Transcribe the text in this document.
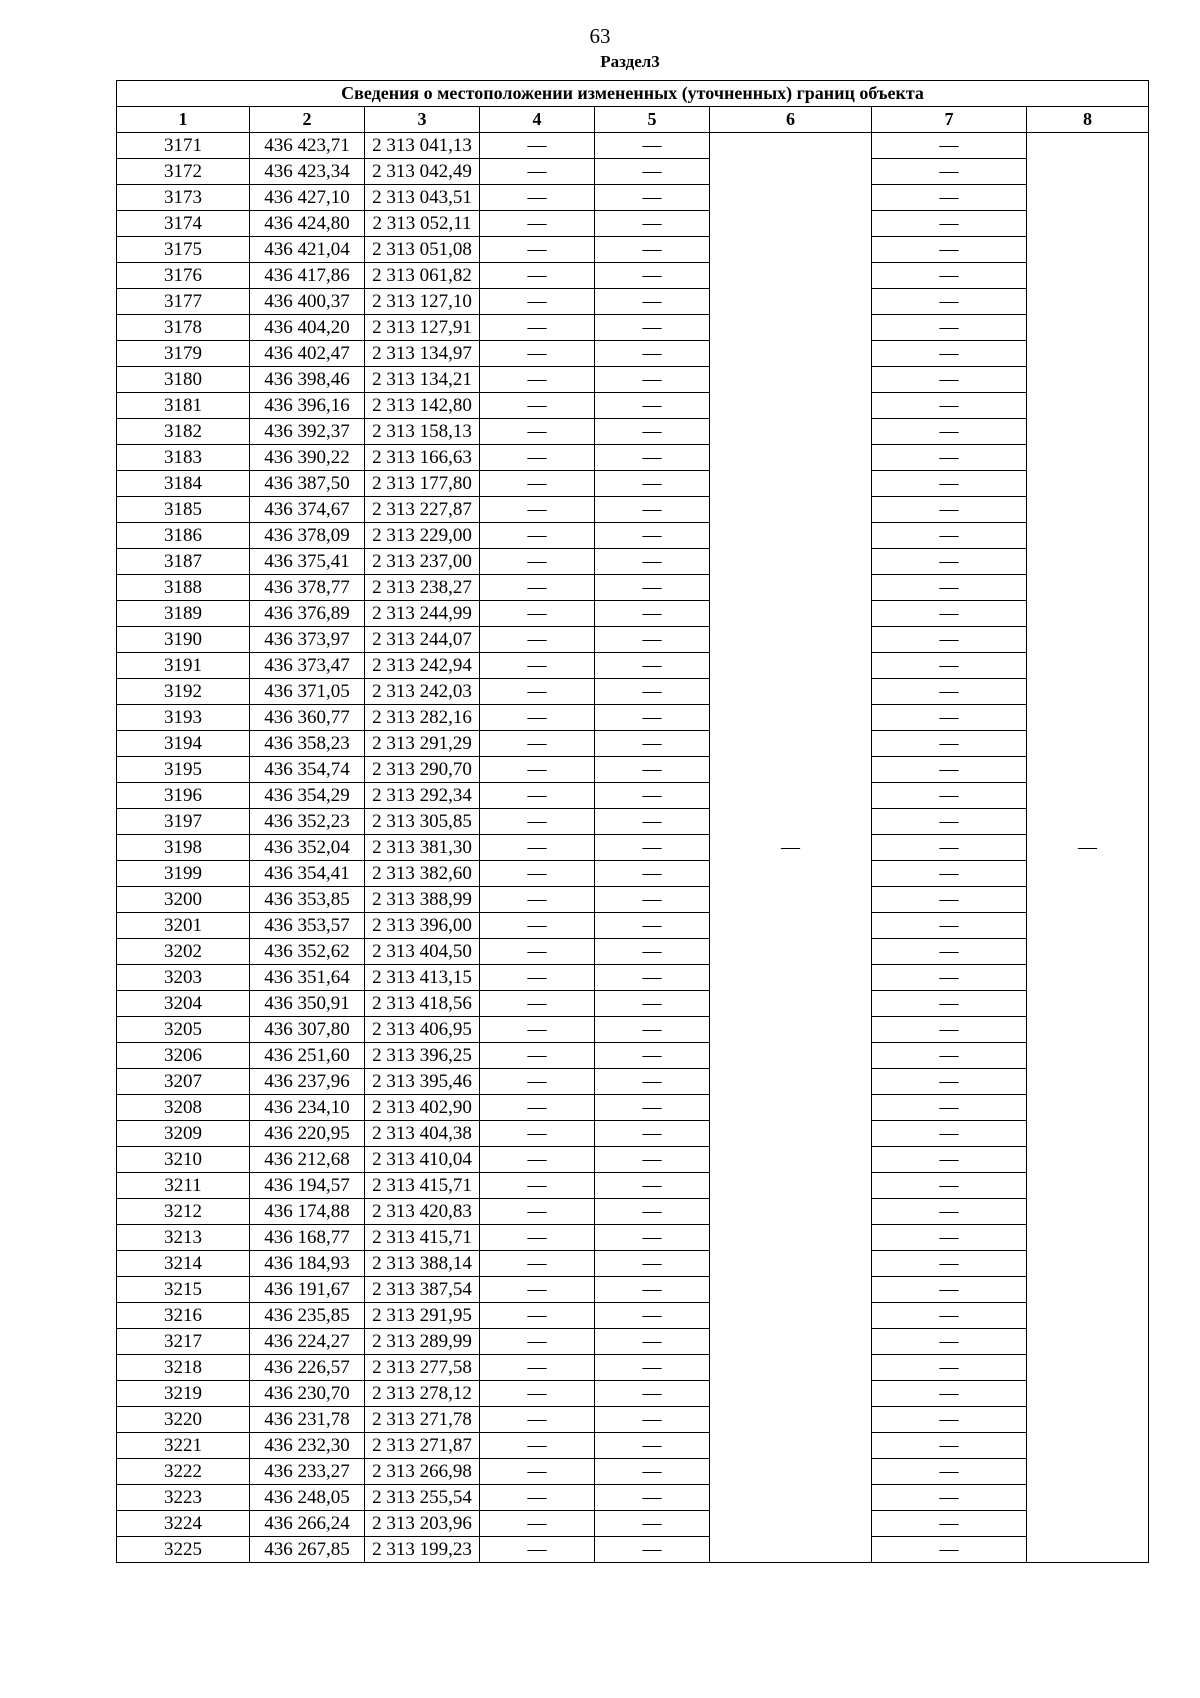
63
Раздел3
Сведения о местоположении измененных (уточненных) границ объекта							
1	2	3	4	5	6	7	8
3171	436 423,71	2 313 041,13	—	—	—	—	—
3172	436 423,34	2 313 042,49	—	—		—	
3173	436 427,10	2 313 043,51	—	—		—	
3174	436 424,80	2 313 052,11	—	—		—	
3175	436 421,04	2 313 051,08	—	—		—	
3176	436 417,86	2 313 061,82	—	—		—	
3177	436 400,37	2 313 127,10	—	—		—	
3178	436 404,20	2 313 127,91	—	—		—	
3179	436 402,47	2 313 134,97	—	—		—	
3180	436 398,46	2 313 134,21	—	—		—	
3181	436 396,16	2 313 142,80	—	—		—	
3182	436 392,37	2 313 158,13	—	—		—	
3183	436 390,22	2 313 166,63	—	—		—	
3184	436 387,50	2 313 177,80	—	—		—	
3185	436 374,67	2 313 227,87	—	—		—	
3186	436 378,09	2 313 229,00	—	—		—	
3187	436 375,41	2 313 237,00	—	—		—	
3188	436 378,77	2 313 238,27	—	—		—	
3189	436 376,89	2 313 244,99	—	—		—	
3190	436 373,97	2 313 244,07	—	—		—	
3191	436 373,47	2 313 242,94	—	—		—	
3192	436 371,05	2 313 242,03	—	—		—	
3193	436 360,77	2 313 282,16	—	—		—	
3194	436 358,23	2 313 291,29	—	—		—	
3195	436 354,74	2 313 290,70	—	—		—	
3196	436 354,29	2 313 292,34	—	—		—	
3197	436 352,23	2 313 305,85	—	—		—	
3198	436 352,04	2 313 381,30	—	—		—	
3199	436 354,41	2 313 382,60	—	—		—	
3200	436 353,85	2 313 388,99	—	—		—	
3201	436 353,57	2 313 396,00	—	—		—	
3202	436 352,62	2 313 404,50	—	—		—	
3203	436 351,64	2 313 413,15	—	—		—	
3204	436 350,91	2 313 418,56	—	—		—	
3205	436 307,80	2 313 406,95	—	—		—	
3206	436 251,60	2 313 396,25	—	—		—	
3207	436 237,96	2 313 395,46	—	—		—	
3208	436 234,10	2 313 402,90	—	—		—	
3209	436 220,95	2 313 404,38	—	—		—	
3210	436 212,68	2 313 410,04	—	—		—	
3211	436 194,57	2 313 415,71	—	—		—	
3212	436 174,88	2 313 420,83	—	—		—	
3213	436 168,77	2 313 415,71	—	—		—	
3214	436 184,93	2 313 388,14	—	—		—	
3215	436 191,67	2 313 387,54	—	—		—	
3216	436 235,85	2 313 291,95	—	—		—	
3217	436 224,27	2 313 289,99	—	—		—	
3218	436 226,57	2 313 277,58	—	—		—	
3219	436 230,70	2 313 278,12	—	—		—	
3220	436 231,78	2 313 271,78	—	—		—	
3221	436 232,30	2 313 271,87	—	—		—	
3222	436 233,27	2 313 266,98	—	—		—	
3223	436 248,05	2 313 255,54	—	—		—	
3224	436 266,24	2 313 203,96	—	—		—	
3225	436 267,85	2 313 199,23	—	—		—	
